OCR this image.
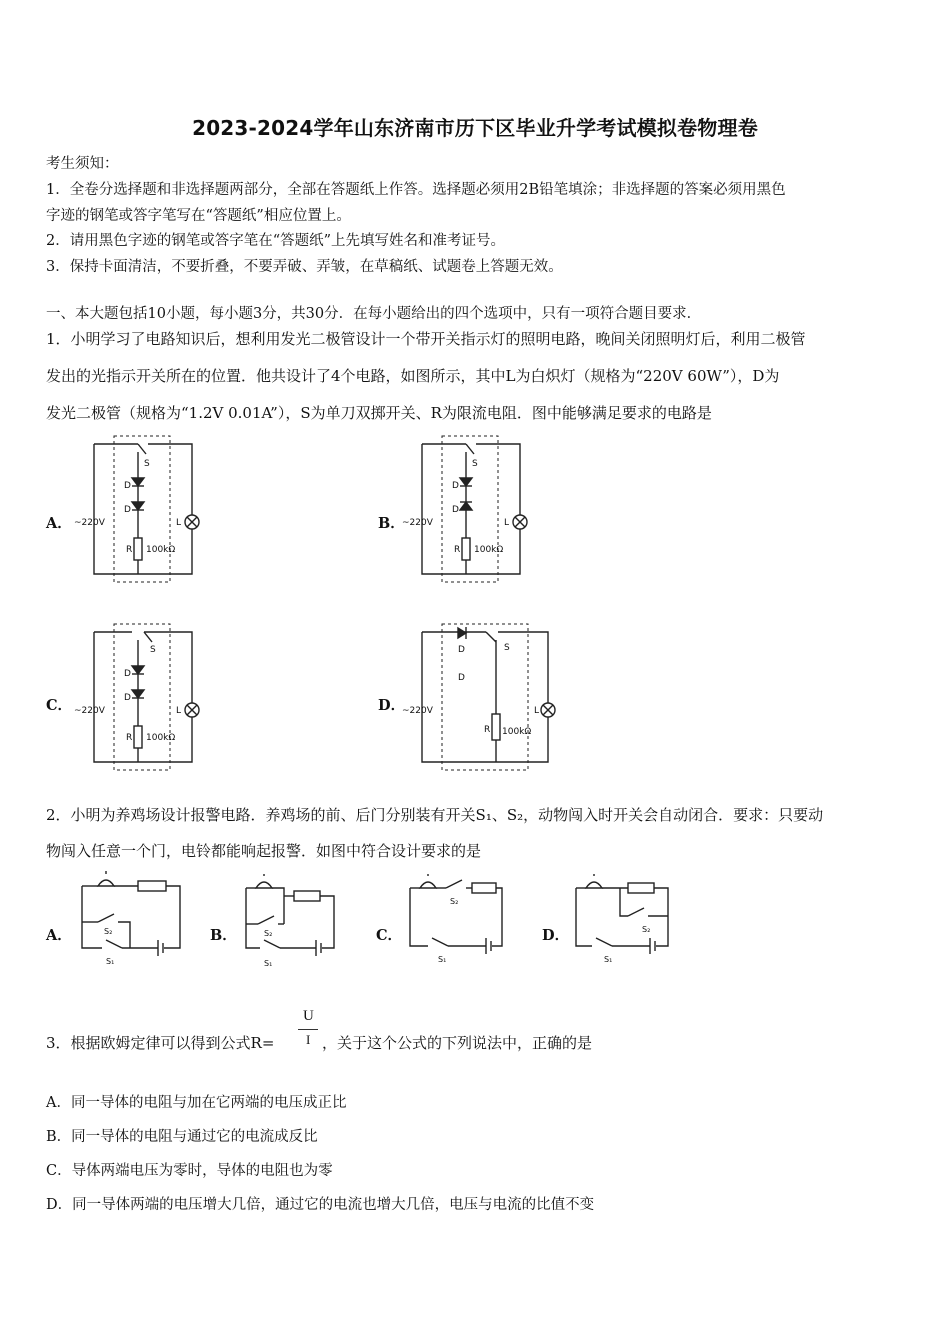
2023-2024学年山东济南市历下区毕业升学考试模拟卷物理卷
考生须知：
1．全卷分选择题和非选择题两部分，全部在答题纸上作答。选择题必须用2B铅笔填涂；非选择题的答案必须用黑色
字迹的钢笔或答字笔写在“答题纸”相应位置上。
2．请用黑色字迹的钢笔或答字笔在“答题纸”上先填写姓名和准考证号。
3．保持卡面清洁，不要折叠，不要弄破、弄皱，在草稿纸、试题卷上答题无效。
一、本大题包括10小题，每小题3分，共30分．在每小题给出的四个选项中，只有一项符合题目要求．
1．小明学习了电路知识后，想利用发光二极管设计一个带开关指示灯的照明电路，晚间关闭照明灯后，利用二极管
发出的光指示开关所在的位置．他共设计了4个电路，如图所示，其中L为白炽灯（规格为“220V 60W”），D为
发光二极管（规格为“1.2V 0.01A”），S为单刀双掷开关、R为限流电阻．图中能够满足要求的电路是
A．	B．
C．	D．
S
D
D
~220V
R 100kΩ
L
S
D
D
~220V
R 100kΩ
L
S
D
D
~220V
R 100kΩ
L
S
D
D
~220V
R 100kΩ
L
2．小明为养鸡场设计报警电路．养鸡场的前、后门分别装有开关S₁、S₂，动物闯入时开关会自动闭合．要求：只要动
物闯入任意一个门，电铃都能响起报警．如图中符合设计要求的是
A．	B．	C．	D．
S₂
S₁
S₂
S₁
S₂
S₁
S₂
S₁
3．根据欧姆定律可以得到公式R=
U
I ，关于这个公式的下列说法中，正确的是
A．同一导体的电阻与加在它两端的电压成正比
B．同一导体的电阻与通过它的电流成反比
C．导体两端电压为零时，导体的电阻也为零
D．同一导体两端的电压增大几倍，通过它的电流也增大几倍，电压与电流的比值不变
